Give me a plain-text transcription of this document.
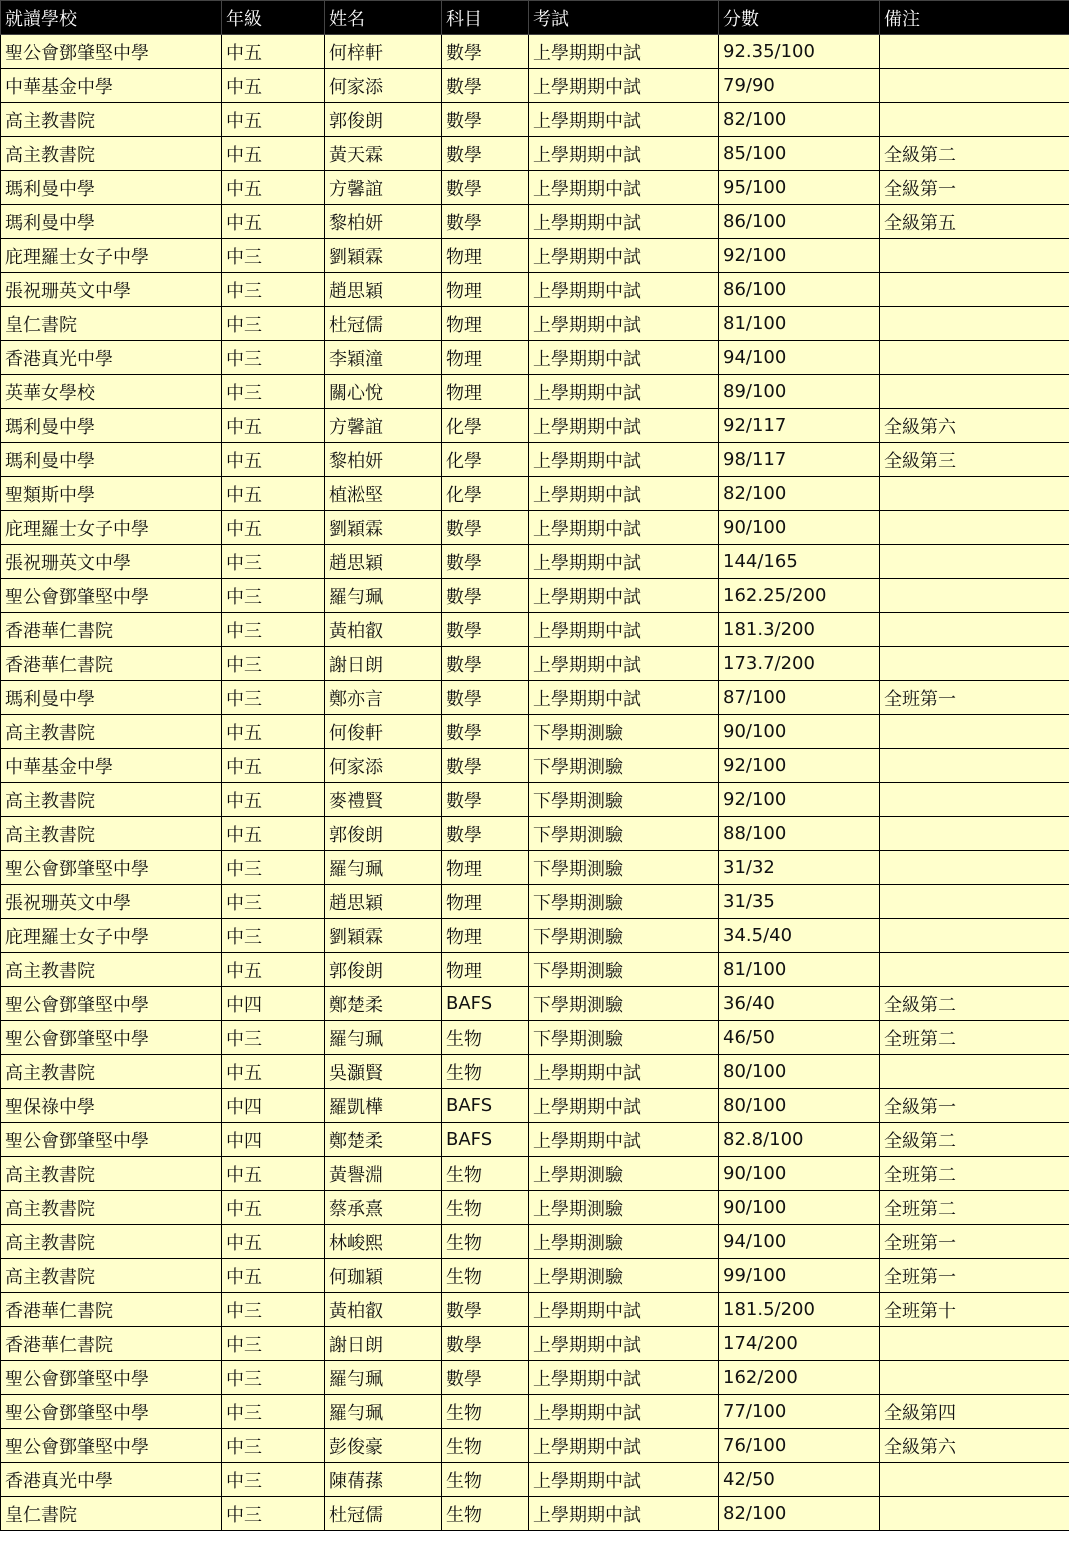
就讀學校	年級	姓名	科目	考試	分數	備注
聖公會鄧肇堅中學	中五	何梓軒	數學	上學期期中試	92.35/100	
中華基金中學	中五	何家添	數學	上學期期中試	79/90	
高主教書院	中五	郭俊朗	數學	上學期期中試	82/100	
高主教書院	中五	黃天霖	數學	上學期期中試	85/100	全級第二
瑪利曼中學	中五	方馨誼	數學	上學期期中試	95/100	全級第一
瑪利曼中學	中五	黎柏妍	數學	上學期期中試	86/100	全級第五
庇理羅士女子中學	中三	劉穎霖	物理	上學期期中試	92/100	
張祝珊英文中學	中三	趙思穎	物理	上學期期中試	86/100	
皇仁書院	中三	杜冠儒	物理	上學期期中試	81/100	
香港真光中學	中三	李穎潼	物理	上學期期中試	94/100	
英華女學校	中三	關心悅	物理	上學期期中試	89/100	
瑪利曼中學	中五	方馨誼	化學	上學期期中試	92/117	全級第六
瑪利曼中學	中五	黎柏妍	化學	上學期期中試	98/117	全級第三
聖類斯中學	中五	植淞堅	化學	上學期期中試	82/100	
庇理羅士女子中學	中五	劉穎霖	數學	上學期期中試	90/100	
張祝珊英文中學	中三	趙思穎	數學	上學期期中試	144/165	
聖公會鄧肇堅中學	中三	羅勻珮	數學	上學期期中試	162.25/200	
香港華仁書院	中三	黃柏叡	數學	上學期期中試	181.3/200	
香港華仁書院	中三	謝日朗	數學	上學期期中試	173.7/200	
瑪利曼中學	中三	鄭亦言	數學	上學期期中試	87/100	全班第一
高主教書院	中五	何俊軒	數學	下學期測驗	90/100	
中華基金中學	中五	何家添	數學	下學期測驗	92/100	
高主教書院	中五	麥禮賢	數學	下學期測驗	92/100	
高主教書院	中五	郭俊朗	數學	下學期測驗	88/100	
聖公會鄧肇堅中學	中三	羅勻珮	物理	下學期測驗	31/32	
張祝珊英文中學	中三	趙思穎	物理	下學期測驗	31/35	
庇理羅士女子中學	中三	劉穎霖	物理	下學期測驗	34.5/40	
高主教書院	中五	郭俊朗	物理	下學期測驗	81/100	
聖公會鄧肇堅中學	中四	鄭楚柔	BAFS	下學期測驗	36/40	全級第二
聖公會鄧肇堅中學	中三	羅勻珮	生物	下學期測驗	46/50	全班第二
高主教書院	中五	吳灝賢	生物	上學期期中試	80/100	
聖保祿中學	中四	羅凱樺	BAFS	上學期期中試	80/100	全級第一
聖公會鄧肇堅中學	中四	鄭楚柔	BAFS	上學期期中試	82.8/100	全級第二
高主教書院	中五	黃譽淵	生物	上學期測驗	90/100	全班第二
高主教書院	中五	蔡承熹	生物	上學期測驗	90/100	全班第二
高主教書院	中五	林峻熙	生物	上學期測驗	94/100	全班第一
高主教書院	中五	何珈穎	生物	上學期測驗	99/100	全班第一
香港華仁書院	中三	黃柏叡	數學	上學期期中試	181.5/200	全班第十
香港華仁書院	中三	謝日朗	數學	上學期期中試	174/200	
聖公會鄧肇堅中學	中三	羅勻珮	數學	上學期期中試	162/200	
聖公會鄧肇堅中學	中三	羅勻珮	生物	上學期期中試	77/100	全級第四
聖公會鄧肇堅中學	中三	彭俊豪	生物	上學期期中試	76/100	全級第六
香港真光中學	中三	陳蒨蓀	生物	上學期期中試	42/50	
皇仁書院	中三	杜冠儒	生物	上學期期中試	82/100	
